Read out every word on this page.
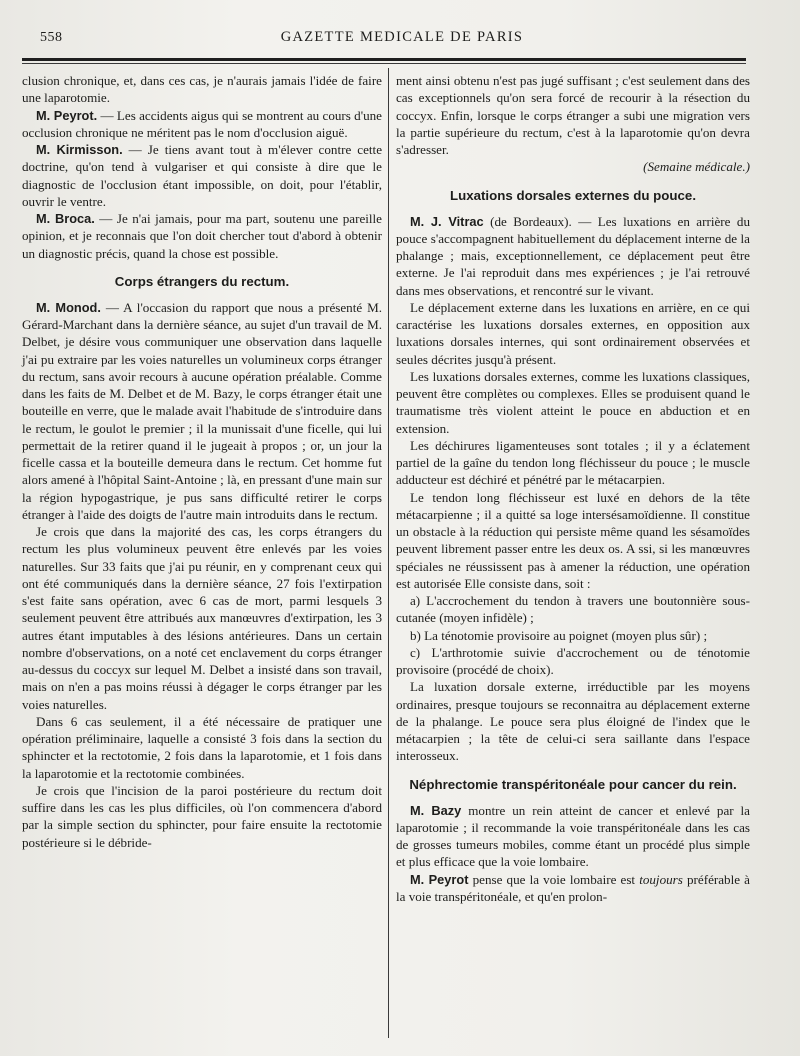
558	GAZETTE MEDICALE DE PARIS

clusion chronique, et, dans ces cas, je n'aurais jamais l'idée de faire une laparotomie.

M. Peyrot. — Les accidents aigus qui se montrent au cours d'une occlusion chronique ne méritent pas le nom d'occlusion aiguë.

M. Kirmisson. — Je tiens avant tout à m'élever contre cette doctrine, qu'on tend à vulgariser et qui consiste à dire que le diagnostic de l'occlusion étant impossible, on doit, pour l'établir, ouvrir le ventre.

M. Broca. — Je n'ai jamais, pour ma part, soutenu une pareille opinion, et je reconnais que l'on doit chercher tout d'abord à obtenir un diagnostic précis, quand la chose est possible.

Corps étrangers du rectum.

M. Monod. — A l'occasion du rapport que nous a présenté M. Gérard-Marchant dans la dernière séance, au sujet d'un travail de M. Delbet, je désire vous communiquer une observation dans laquelle j'ai pu extraire par les voies naturelles un volumineux corps étranger du rectum, sans avoir recours à aucune opération préalable. Comme dans les faits de M. Delbet et de M. Bazy, le corps étranger était une bouteille en verre, que le malade avait l'habitude de s'introduire dans le rectum, le goulot le premier ; il la munissait d'une ficelle, qui lui permettait de la retirer quand il le jugeait à propos ; or, un jour la ficelle cassa et la bouteille demeura dans le rectum. Cet homme fut alors amené à l'hôpital Saint-Antoine ; là, en pressant d'une main sur la région hypogastrique, je pus sans difficulté retirer le corps étranger à l'aide des doigts de l'autre main introduits dans le rectum.

Je crois que dans la majorité des cas, les corps étrangers du rectum les plus volumineux peuvent être enlevés par les voies naturelles. Sur 33 faits que j'ai pu réunir, en y comprenant ceux qui ont été communiqués dans la dernière séance, 27 fois l'extirpation s'est faite sans opération, avec 6 cas de mort, parmi lesquels 3 seulement peuvent être attribués aux manœuvres d'extirpation, les 3 autres étant imputables à des lésions antérieures. Dans un certain nombre d'observations, on a noté cet enclavement du corps étranger au-dessus du coccyx sur lequel M. Delbet a insisté dans son travail, mais on n'en a pas moins réussi à dégager le corps étranger par les voies naturelles.

Dans 6 cas seulement, il a été nécessaire de pratiquer une opération préliminaire, laquelle a consisté 3 fois dans la section du sphincter et la rectotomie, 2 fois dans la laparotomie, et 1 fois dans la laparotomie et la rectotomie combinées.

Je crois que l'incision de la paroi postérieure du rectum doit suffire dans les cas les plus difficiles, où l'on commencera d'abord par la simple section du sphincter, pour faire ensuite la rectotomie postérieure si le débride-

ment ainsi obtenu n'est pas jugé suffisant ; c'est seulement dans des cas exceptionnels qu'on sera forcé de recourir à la résection du coccyx. Enfin, lorsque le corps étranger a subi une migration vers la partie supérieure du rectum, c'est à la laparotomie qu'on devra s'adresser.

(Semaine médicale.)

Luxations dorsales externes du pouce.

M. J. Vitrac (de Bordeaux). — Les luxations en arrière du pouce s'accompagnent habituellement du déplacement interne de la phalange ; mais, exceptionnellement, ce déplacement peut être externe. Je l'ai reproduit dans mes expériences ; je l'ai retrouvé dans mes observations, et rencontré sur le vivant.

Le déplacement externe dans les luxations en arrière, en ce qui caractérise les luxations dorsales externes, en opposition aux luxations dorsales internes, qui sont ordinairement observées et seules décrites jusqu'à présent.

Les luxations dorsales externes, comme les luxations classiques, peuvent être complètes ou complexes. Elles se produisent quand le traumatisme très violent atteint le pouce en abduction et en extension.

Les déchirures ligamenteuses sont totales ; il y a éclatement partiel de la gaîne du tendon long fléchisseur du pouce ; le muscle adducteur est déchiré et pénétré par le métacarpien.

Le tendon long fléchisseur est luxé en dehors de la tête métacarpienne ; il a quitté sa loge intersésamoïdienne. Il constitue un obstacle à la réduction qui persiste même quand les sésamoïdes peuvent librement passer entre les deux os. A ssi, si les manœuvres spéciales ne réussissent pas à amener la réduction, une opération est autorisée Elle consiste dans, soit :

a) L'accrochement du tendon à travers une boutonnière sous-cutanée (moyen infidèle) ;

b) La ténotomie provisoire au poignet (moyen plus sûr) ;

c) L'arthrotomie suivie d'accrochement ou de ténotomie provisoire (procédé de choix).

La luxation dorsale externe, irréductible par les moyens ordinaires, presque toujours se reconnaitra au déplacement externe de la phalange. Le pouce sera plus éloigné de l'index que le métacarpien ; la tête de celui-ci sera saillante dans l'espace interosseux.

Néphrectomie transpéritonéale pour cancer du rein.

M. Bazy montre un rein atteint de cancer et enlevé par la laparotomie ; il recommande la voie transpéritonéale dans les cas de grosses tumeurs mobiles, comme étant un procédé plus simple et plus efficace que la voie lombaire.

M. Peyrot pense que la voie lombaire est toujours préférable à la voie transpéritonéale, et qu'en prolon-
